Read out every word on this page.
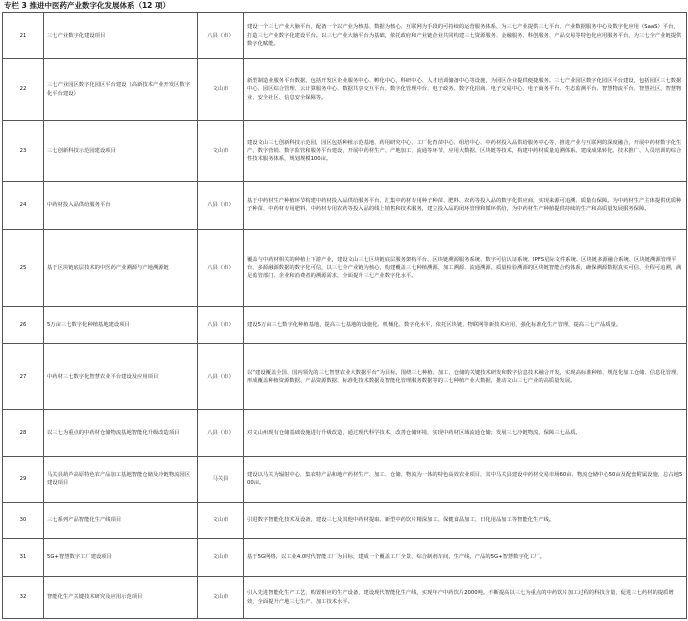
专栏 3 推进中医药产业数字化发展体系（12 项）
21	三七产业数字化建设项目	八县（市）	建设一个三七产业大脑平台，配备一个以产业为核基、数据为核心、互联网为手段的可持续的运营服务体系，为三七产业提供三七平台、产业数据服务中心及数字化应用（SaaS）平台，打造三七产业数字化建设平台。以三七产业大脑平台为基础，依托政府和产业链企业共同构建三七资源服务、金融服务、科创服务、产品交易等特色化应用服务平台，为三七全产业链提供数字化赋能。
22	三七产业园区数字化园区平台建设（高新技术产业开发区数字化平台建设）	文山市	新型制造业服务平台数据，包括开发区企业服务中心、孵化中心、科研中心、人才培训储备中心等设施，为园区企业提供便捷服务。三七产业园区数字化园区平台建设，包括园区三七数据中心、园区综合管理、云计算服务中心、数据共享交互平台、数字化管理中台、电子政务、数字化招商、电子交易中心、电子商务平台、生态监测平台、智慧物流平台、智慧社区、智慧物业、安全社区、信息安全保障等。
23	三七创新科技示范园建设项目	文山市	建设文山三七创新科技示范园，园区包括种植示范基地、药用研究中心、工厂化育苗中心、组培中心、中药材投入品供给服务中心等，推进产业与互联网的深度融合，开展中药材数字化生产、数字营销、数字监管和服务平台建设，开展中药材生产、产地加工、流通等环节，应用大数据、区块链等技术，构建中药材质量追溯体系。建成成果转化、技术推广、人员培训的综合性技术服务体系，规划规模100亩。
24	中药材投入品供给服务平台	八县（市）	基于中药材生产种植环节构建中药材投入品供给服务平台，汇集中药材专用种子种苗、肥料、农药等投入品的数字化供应商，实现来源可追溯、质量有保障。为中药材生产主体提供优质种子种苗、中药材专用肥料、中药材专用农药等投入品的线上销售和技术服务，建立投入品的闭环管理和循环供给，为中药材生产种植提供持续的生产和高质量发展服务保障。
25	基于区块链底层技术的中医药产业溯源与产地溯源链	八县（市）	覆盖与中药材相关的种植上下游产业，建设文山三七区块链底层服务架构平台、区块链溯源服务系统、数字可信认证系统、IPFS星际文件系统、区块链多源融合系统、区块链溯源管理平台，多源融源数据的数字化可信，以三七全产业链为核心，构建覆盖三七种植溯源、加工溯源、流通溯源、质量检验溯源的区块链智能合约体系，确保溯源数据真实可信、全程可追溯，满足监管部门、企业和消费者的溯源需求，全面提升三七产业数字化水平。
26	5万亩三七数字化种植基地建设项目	八县（市）	建设5万亩三七数字化种植基地，提高三七基地的设施化、机械化、数字化水平，依托区块链、物联网等新技术应用，强化标准化生产管理，提高三七产品质量。
27	中药材三七数字化智慧农业平台建设及应用项目	八县（市）	以“建设覆盖全国、国内领先的三七智慧农业大数据平台”为目标，围绕三七种植、加工、仓储的关键技术研发和数字信息技术融合开发，实现高标准种植、规范化加工仓储、信息化管理，形成覆盖种植资源数据、产品资源数据、标准化技术数据及智能化管理服务数据等的三七种植产业大数据，推动文山三七产业的高质量发展。
28	以三七为重点的中药材仓储物流基地智能化升级改造项目	八县（市）	对文山州现有仓储基础设施进行升级改造，通过现代科学技术，改善仓储环境，实现中药材区域流通仓储；发展三七冷链物流，保障三七品质。
29	马关县葫芦高原特色农产品加工基地智能仓储及冷链物流园区建设项目	马关县	建设以马关为辐射中心，集农特产品和地产药材生产、加工、仓储、物流为一体的特色高效农业项目，其中马关县建设中药材交易市场60亩、物流仓储中心50亩及配套附属设施，总占地500亩。
30	三七系列产品智能化生产线项目	文山市	引进数字智能化技术及设备，建设三七及其他中药材提取、新型中药饮片精深加工、保健食品加工、日化用品加工等智能化生产线。
31	5G+智慧数字工厂建设项目	文山市	基于5G网络，以工业4.0时代智能工厂为目标，建成一个覆盖工厂全景、综合制剂车间、生产线、产品的5G+智慧数字化工厂。
32	智能化生产关键技术研究及应用示范项目	文山市	引入先进智能化生产工艺，购置相应的生产设备，建设现代智能化生产线，实现年产中药饮片2000吨。不断提高以三七为重点的中药饮片加工过程的科技含量，促进三七药材的提质增效，全面提升产地三七生产、加工技术水平。
